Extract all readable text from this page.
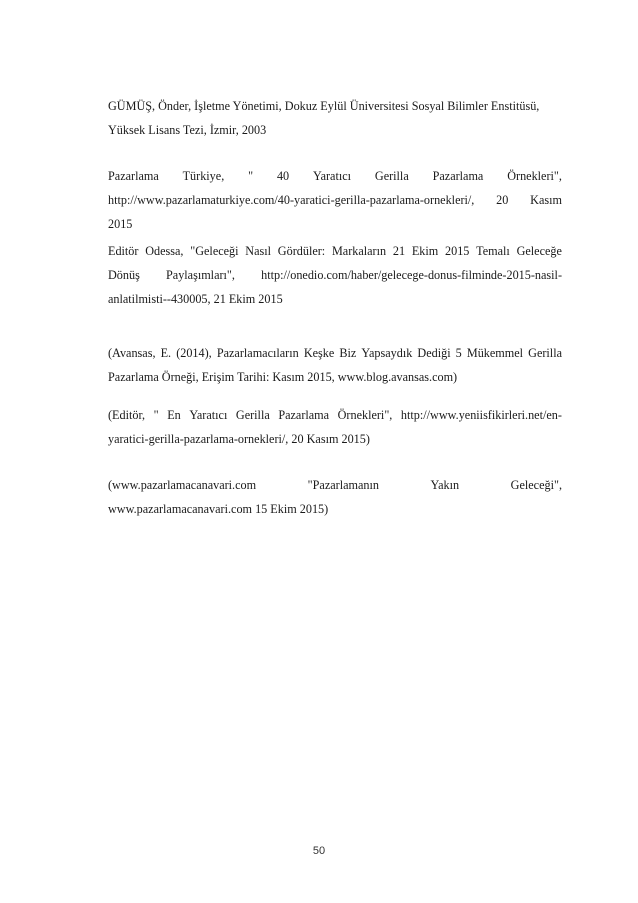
GÜMÜŞ, Önder, İşletme Yönetimi, Dokuz Eylül Üniversitesi Sosyal Bilimler Enstitüsü,
Yüksek Lisans Tezi, İzmir, 2003
Pazarlama Türkiye, " 40 Yaratıcı Gerilla Pazarlama Örnekleri",
http://www.pazarlamaturkiye.com/40-yaratici-gerilla-pazarlama-ornekleri/, 20 Kasım
2015
Editör Odessa, "Geleceği Nasıl Gördüler: Markaların 21 Ekim 2015 Temalı Geleceğe
Dönüş Paylaşımları", http://onedio.com/haber/gelecege-donus-filminde-2015-nasil-
anlatilmisti--430005, 21 Ekim 2015
(Avansas, E. (2014), Pazarlamacıların Keşke Biz Yapsaydık Dediği 5 Mükemmel Gerilla
Pazarlama Örneği, Erişim Tarihi: Kasım 2015, www.blog.avansas.com)
(Editör, " En Yaratıcı Gerilla Pazarlama Örnekleri", http://www.yeniisfikirleri.net/en-
yaratici-gerilla-pazarlama-ornekleri/, 20 Kasım 2015)
(www.pazarlamacanavari.com	"Pazarlamanın	Yakın	Geleceği",
www.pazarlamacanavari.com 15 Ekim 2015)
50
